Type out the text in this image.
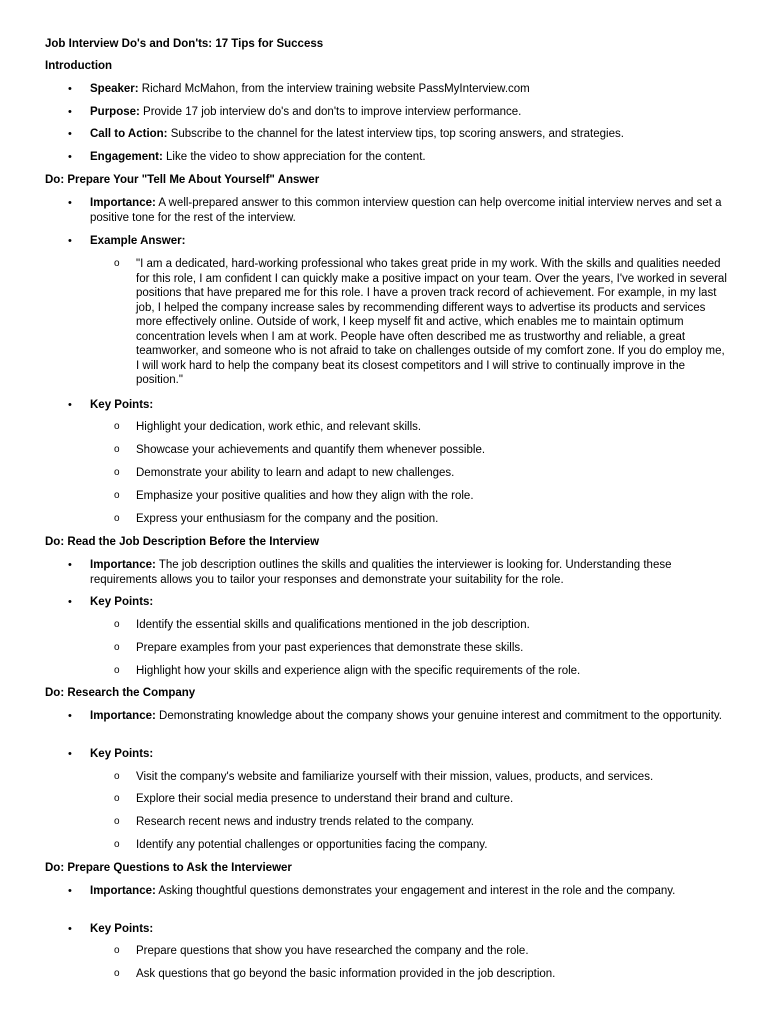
Job Interview Do's and Don'ts: 17 Tips for Success
Introduction
• Speaker: Richard McMahon, from the interview training website PassMyInterview.com

• Purpose: Provide 17 job interview do's and don'ts to improve interview performance.

• Call to Action: Subscribe to the channel for the latest interview tips, top scoring answers, and strategies.

• Engagement: Like the video to show appreciation for the content.

Do: Prepare Your "Tell Me About Yourself" Answer
• Importance: A well-prepared answer to this common interview question can help overcome initial interview nerves and set a positive tone for the rest of the interview.

• Example Answer:

o "I am a dedicated, hard-working professional who takes great pride in my work. With the skills and qualities needed for this role, I am confident I can quickly make a positive impact on your team. Over the years, I've worked in several positions that have prepared me for this role. I have a proven track record of achievement. For example, in my last job, I helped the company increase sales by recommending different ways to advertise its products and services more effectively online. Outside of work, I keep myself fit and active, which enables me to maintain optimum concentration levels when I am at work. People have often described me as trustworthy and reliable, a great teamworker, and someone who is not afraid to take on challenges outside of my comfort zone. If you do employ me, I will work hard to help the company beat its closest competitors and I will strive to continually improve in the position."

• Key Points:

o Highlight your dedication, work ethic, and relevant skills.

o Showcase your achievements and quantify them whenever possible.

o Demonstrate your ability to learn and adapt to new challenges.

o Emphasize your positive qualities and how they align with the role.

o Express your enthusiasm for the company and the position.

Do: Read the Job Description Before the Interview
• Importance: The job description outlines the skills and qualities the interviewer is looking for. Understanding these requirements allows you to tailor your responses and demonstrate your suitability for the role.

• Key Points:

o Identify the essential skills and qualifications mentioned in the job description.

o Prepare examples from your past experiences that demonstrate these skills.

o Highlight how your skills and experience align with the specific requirements of the role.

Do: Research the Company
• Importance: Demonstrating knowledge about the company shows your genuine interest and commitment to the opportunity.

• Key Points:

o Visit the company's website and familiarize yourself with their mission, values, products, and services.

o Explore their social media presence to understand their brand and culture.

o Research recent news and industry trends related to the company.

o Identify any potential challenges or opportunities facing the company.

Do: Prepare Questions to Ask the Interviewer
• Importance: Asking thoughtful questions demonstrates your engagement and interest in the role and the company.

• Key Points:

o Prepare questions that show you have researched the company and the role.

o Ask questions that go beyond the basic information provided in the job description.
